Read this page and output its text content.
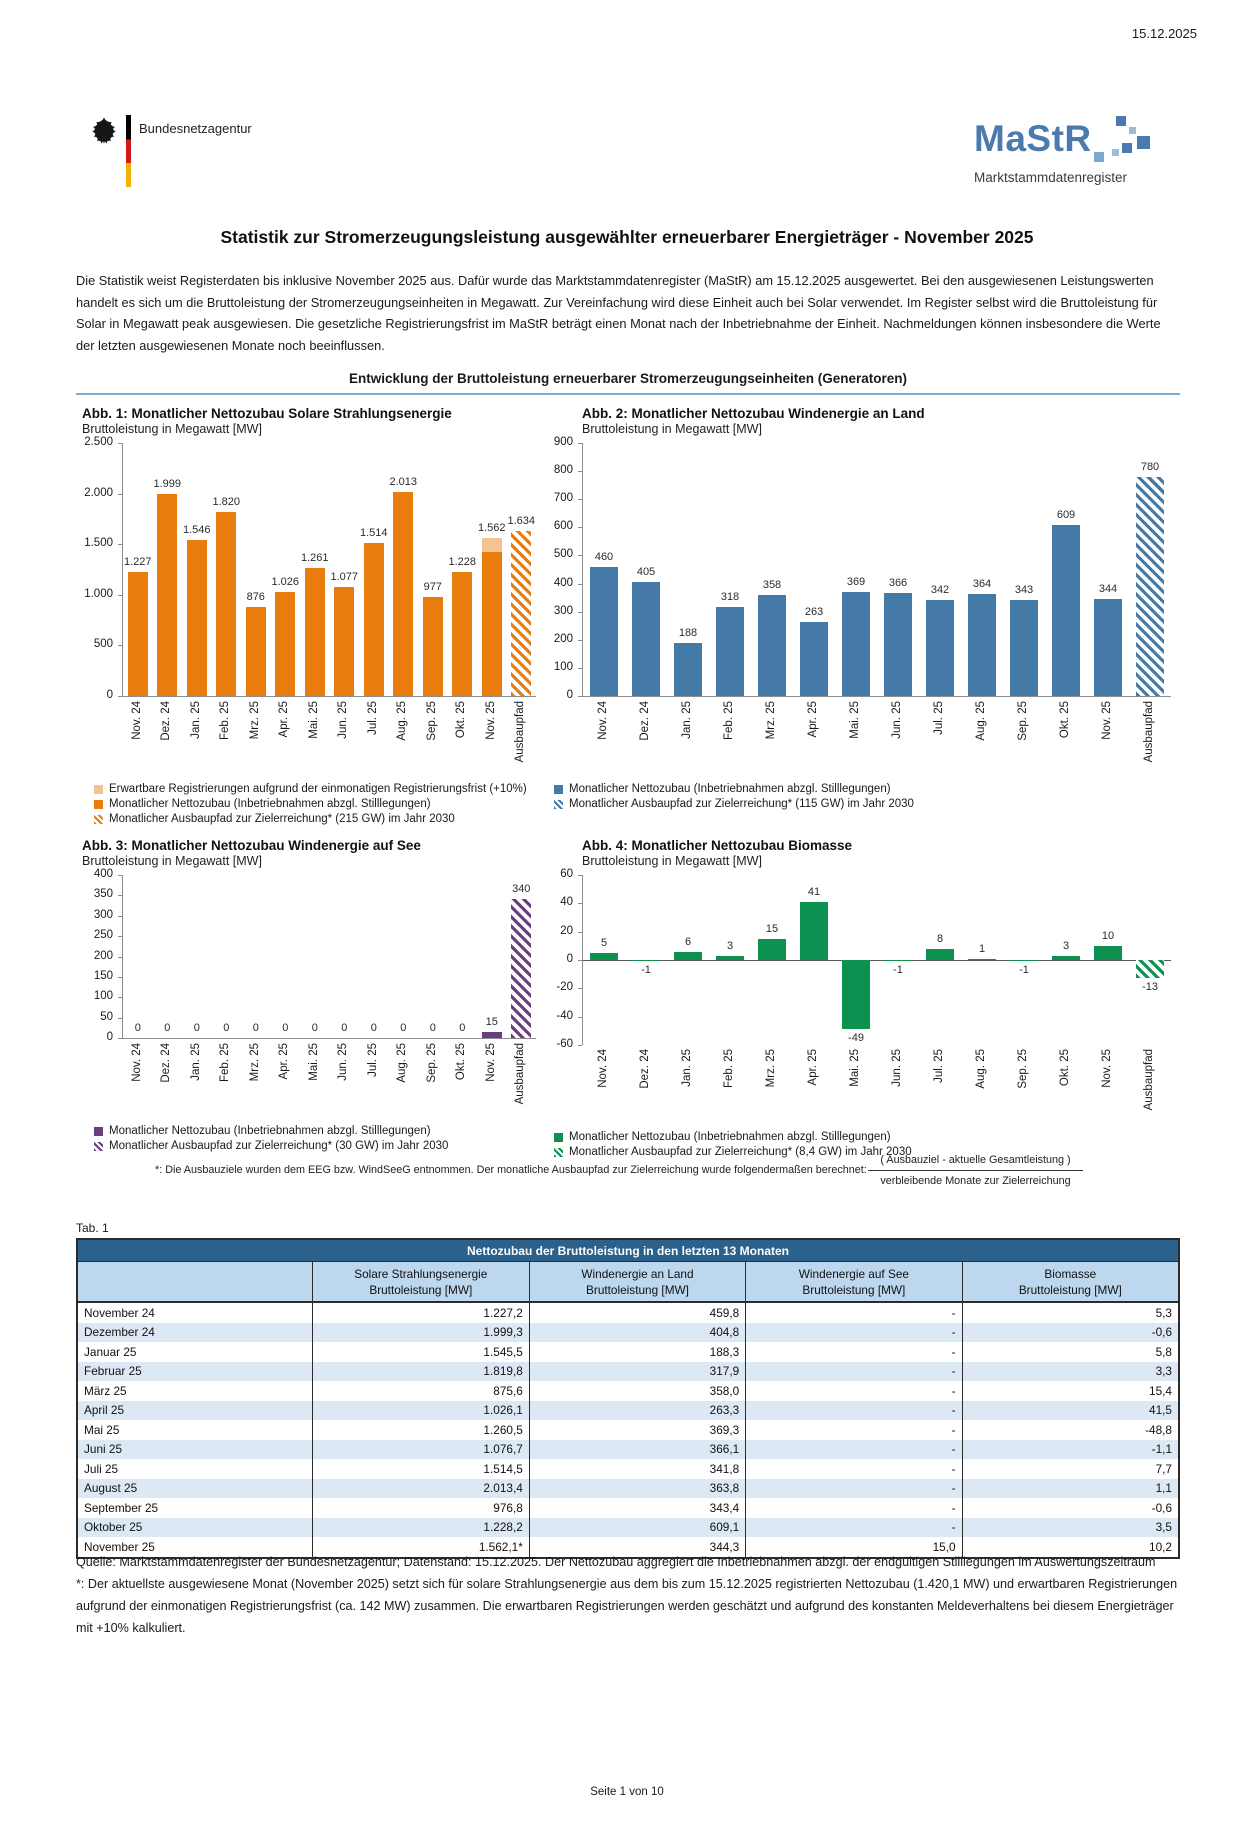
15.12.2025
Bundesnetzagentur	MaStR
Marktstammdatenregister
Statistik zur Stromerzeugungsleistung ausgewählter erneuerbarer Energieträger - November 2025
Die Statistik weist Registerdaten bis inklusive November 2025 aus. Dafür wurde das Marktstammdatenregister (MaStR) am 15.12.2025 ausgewertet. Bei den ausgewiesenen Leistungswerten handelt es sich um die Bruttoleistung der Stromerzeugungseinheiten in Megawatt. Zur Vereinfachung wird diese Einheit auch bei Solar verwendet. Im Register selbst wird die Bruttoleistung für Solar in Megawatt peak ausgewiesen. Die gesetzliche Registrierungsfrist im MaStR beträgt einen Monat nach der Inbetriebnahme der Einheit. Nachmeldungen können insbesondere die Werte der letzten ausgewiesenen Monate noch beeinflussen.
Entwicklung der Bruttoleistung erneuerbarer Stromerzeugungseinheiten (Generatoren)
Abb. 1: Monatlicher Nettozubau Solare Strahlungsenergie
Bruttoleistung in Megawatt [MW]
2.500
2.000
1.500
1.000
500
0
1.227
1.999
1.546
1.820
876
1.026
1.261
1.077
1.514
2.013
977
1.228
1.562
1.634
Nov. 24 Dez. 24 Jan. 25 Feb. 25 Mrz. 25 Apr. 25 Mai. 25 Jun. 25 Jul. 25 Aug. 25 Sep. 25 Okt. 25 Nov. 25 Ausbaupfad
Erwartbare Registrierungen aufgrund der einmonatigen Registrierungsfrist (+10%)
Monatlicher Nettozubau (Inbetriebnahmen abzgl. Stilllegungen)
Monatlicher Ausbaupfad zur Zielerreichung* (215 GW) im Jahr 2030
Abb. 2: Monatlicher Nettozubau Windenergie an Land
Bruttoleistung in Megawatt [MW]
900
800
700
600
500
400
300
200
100
0
460
405
188
318
358
263
369 366
342
364 343
609
344
780
Nov. 24	Dez. 24	Jan. 25	Feb. 25	Mrz. 25	Apr. 25	Mai. 25	Jun. 25	Jul. 25	Aug. 25	Sep. 25	Okt. 25	Nov. 25	Ausbaupfad
Monatlicher Nettozubau (Inbetriebnahmen abzgl. Stilllegungen)
Monatlicher Ausbaupfad zur Zielerreichung* (115 GW) im Jahr 2030
Abb. 3: Monatlicher Nettozubau Windenergie auf See
Bruttoleistung in Megawatt [MW]
400
350
300
250
200
150
100
50
0
0 0 0 0 0 0 0 0 0 0 0 0
15
340
Nov. 24 Dez. 24 Jan. 25 Feb. 25 Mrz. 25 Apr. 25 Mai. 25 Jun. 25 Jul. 25 Aug. 25 Sep. 25 Okt. 25 Nov. 25 Ausbaupfad
Monatlicher Nettozubau (Inbetriebnahmen abzgl. Stilllegungen)
Monatlicher Ausbaupfad zur Zielerreichung* (30 GW) im Jahr 2030
Abb. 4: Monatlicher Nettozubau Biomasse
Bruttoleistung in Megawatt [MW]
60
40
20
0
-20
-40
-60
5
-1
6	3
15
41
-49
-1
8
1
-1
3
10
-13
Nov. 24	Dez. 24	Jan. 25	Feb. 25	Mrz. 25	Apr. 25	Mai. 25	Jun. 25	Jul. 25	Aug. 25	Sep. 25	Okt. 25	Nov. 25	Ausbaupfad
Monatlicher Nettozubau (Inbetriebnahmen abzgl. Stilllegungen)
Monatlicher Ausbaupfad zur Zielerreichung* (8,4 GW) im Jahr 2030
*: Die Ausbauziele wurden dem EEG bzw. WindSeeG entnommen. Der monatliche Ausbaupfad zur Zielerreichung wurde folgendermaßen berechnet:
( Ausbauziel - aktuelle Gesamtleistung )
verbleibende Monate zur Zielerreichung
Tab. 1
Nettozubau der Bruttoleistung in den letzten 13 Monaten				

Solare Strahlungsenergie
Bruttoleistung [MW]

Windenergie an Land
Bruttoleistung [MW]

Windenergie auf See
Bruttoleistung [MW]

Biomasse
Bruttoleistung [MW]

November 24	1.227,2	459,8	-	5,3
Dezember 24	1.999,3	404,8	-	-0,6
Januar 25	1.545,5	188,3	-	5,8
Februar 25	1.819,8	317,9	-	3,3
März 25	875,6	358,0	-	15,4
April 25	1.026,1	263,3	-	41,5
Mai 25	1.260,5	369,3	-	-48,8
Juni 25	1.076,7	366,1	-	-1,1
Juli 25	1.514,5	341,8	-	7,7
August 25	2.013,4	363,8	-	1,1
September 25	976,8	343,4	-	-0,6
Oktober 25	1.228,2	609,1	-	3,5
November 25	1.562,1*	344,3	15,0	10,2
Quelle: Marktstammdatenregister der Bundesnetzagentur; Datenstand: 15.12.2025. Der Nettozubau aggregiert die Inbetriebnahmen abzgl. der endgültigen Stilllegungen im Auswertungszeitraum
*: Der aktuellste ausgewiesene Monat (November 2025) setzt sich für solare Strahlungsenergie aus dem bis zum 15.12.2025 registrierten Nettozubau (1.420,1 MW) und erwartbaren Registrierungen aufgrund der einmonatigen Registrierungsfrist (ca. 142 MW) zusammen. Die erwartbaren Registrierungen werden geschätzt und aufgrund des konstanten Meldeverhaltens bei diesem Energieträger mit +10% kalkuliert.
Seite 1 von 10
